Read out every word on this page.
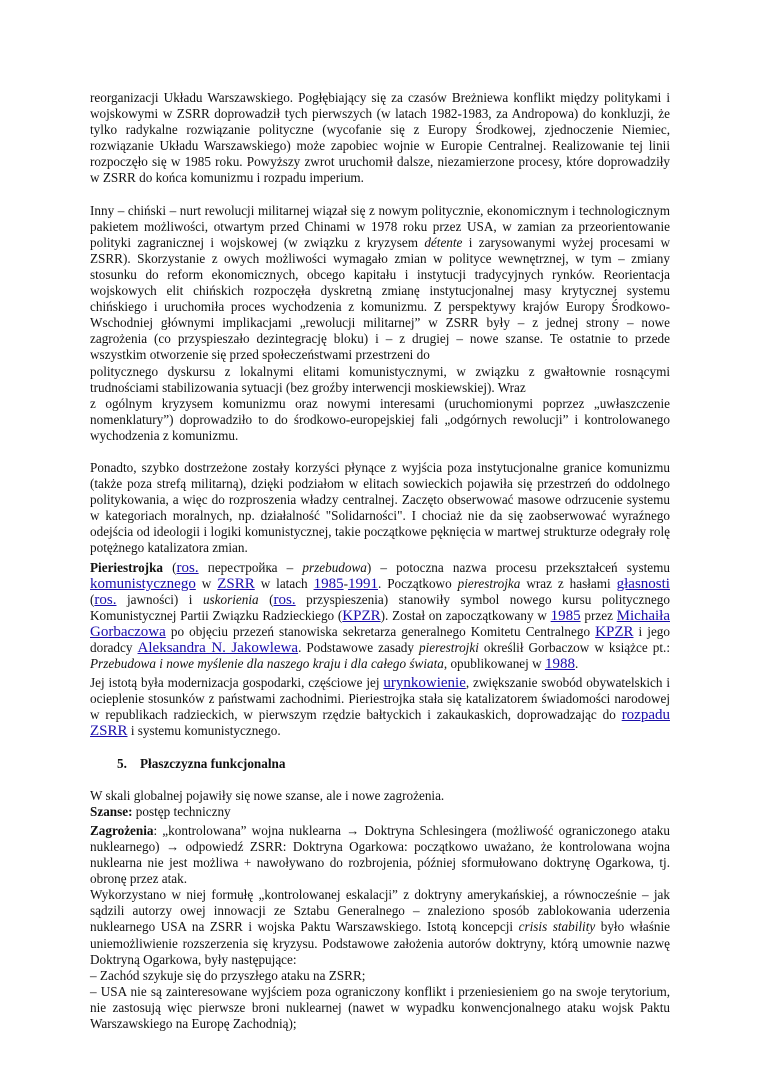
reorganizacji Układu Warszawskiego. Pogłębiający się za czasów Breżniewa konflikt między politykami i wojskowymi w ZSRR doprowadził tych pierwszych (w latach 1982-1983, za Andropowa) do konkluzji, że tylko radykalne rozwiązanie polityczne (wycofanie się z Europy Środkowej, zjednoczenie Niemiec, rozwiązanie Układu Warszawskiego) może zapobiec wojnie w Europie Centralnej. Realizowanie tej linii rozpoczęło się w 1985 roku. Powyższy zwrot uruchomił dalsze, niezamierzone procesy, które doprowadziły w ZSRR do końca komunizmu i rozpadu imperium.

Inny – chiński – nurt rewolucji militarnej wiązał się z nowym politycznie, ekonomicznym i technologicznym pakietem możliwości, otwartym przed Chinami w 1978 roku przez USA, w zamian za przeorientowanie polityki zagranicznej i wojskowej (w związku z kryzysem détente i zarysowanymi wyżej procesami w ZSRR). Skorzystanie z owych możliwości wymagało zmian w polityce wewnętrznej, w tym – zmiany stosunku do reform ekonomicznych, obcego kapitału i instytucji tradycyjnych rynków. Reorientacja wojskowych elit chińskich rozpoczęła dyskretną zmianę instytucjonalnej masy krytycznej systemu chińskiego i uruchomiła proces wychodzenia z komunizmu. Z perspektywy krajów Europy Środkowo-Wschodniej głównymi implikacjami „rewolucji militarnej” w ZSRR były – z jednej strony – nowe zagrożenia (co przyspieszało dezintegrację bloku) i – z drugiej – nowe szanse. Te ostatnie to przede wszystkim otworzenie się przed społeczeństwami przestrzeni do
politycznego dyskursu z lokalnymi elitami komunistycznymi, w związku z gwałtownie rosnącymi trudnościami stabilizowania sytuacji (bez groźby interwencji moskiewskiej). Wraz
z ogólnym kryzysem komunizmu oraz nowymi interesami (uruchomionymi poprzez „uwłaszczenie nomenklatury”) doprowadziło to do środkowo-europejskiej fali „odgórnych rewolucji” i kontrolowanego wychodzenia z komunizmu.

Ponadto, szybko dostrzeżone zostały korzyści płynące z wyjścia poza instytucjonalne granice komunizmu (także poza strefą militarną), dzięki podziałom w elitach sowieckich pojawiła się przestrzeń do oddolnego politykowania, a więc do rozproszenia władzy centralnej. Zaczęto obserwować masowe odrzucenie systemu w kategoriach moralnych, np. działalność "Solidarności". I chociaż nie da się zaobserwować wyraźnego odejścia od ideologii i logiki komunistycznej, takie początkowe pęknięcia w martwej strukturze odegrały rolę potężnego katalizatora zmian.

Pieriestrojka (ros. перестройка – przebudowa) – potoczna nazwa procesu przekształceń systemu komunistycznego w ZSRR w latach 1985-1991. Początkowo pierestrojka wraz z hasłami głasnosti (ros. jawności) i uskorienia (ros. przyspieszenia) stanowiły symbol nowego kursu politycznego Komunistycznej Partii Związku Radzieckiego (KPZR). Został on zapoczątkowany w 1985 przez Michaiła Gorbaczowa po objęciu przezeń stanowiska sekretarza generalnego Komitetu Centralnego KPZR i jego doradcy Aleksandra N. Jakowlewa. Podstawowe zasady pierestrojki określił Gorbaczow w książce pt.: Przebudowa i nowe myślenie dla naszego kraju i dla całego świata, opublikowanej w 1988.

Jej istotą była modernizacja gospodarki, częściowe jej urynkowienie, zwiększanie swobód obywatelskich i ocieplenie stosunków z państwami zachodnimi. Pieriestrojka stała się katalizatorem świadomości narodowej w republikach radzieckich, w pierwszym rzędzie bałtyckich i zakaukaskich, doprowadzając do rozpadu ZSRR i systemu komunistycznego.

5. Płaszczyzna funkcjonalna

W skali globalnej pojawiły się nowe szanse, ale i nowe zagrożenia.
Szanse: postęp techniczny

Zagrożenia: „kontrolowana” wojna nuklearna → Doktryna Schlesingera (możliwość ograniczonego ataku nuklearnego) → odpowiedź ZSRR: Doktryna Ogarkowa: początkowo uważano, że kontrolowana wojna nuklearna nie jest możliwa + nawoływano do rozbrojenia, później sformułowano doktrynę Ogarkowa, tj. obronę przez atak.

Wykorzystano w niej formułę „kontrolowanej eskalacji” z doktryny amerykańskiej, a równocześnie – jak sądzili autorzy owej innowacji ze Sztabu Generalnego – znaleziono sposób zablokowania uderzenia nuklearnego USA na ZSRR i wojska Paktu Warszawskiego. Istotą koncepcji crisis stability było właśnie uniemożliwienie rozszerzenia się kryzysu. Podstawowe założenia autorów doktryny, którą umownie nazwę Doktryną Ogarkowa, były następujące:
– Zachód szykuje się do przyszłego ataku na ZSRR;
– USA nie są zainteresowane wyjściem poza ograniczony konflikt i przeniesieniem go na swoje terytorium, nie zastosują więc pierwsze broni nuklearnej (nawet w wypadku konwencjonalnego ataku wojsk Paktu Warszawskiego na Europę Zachodnią);
